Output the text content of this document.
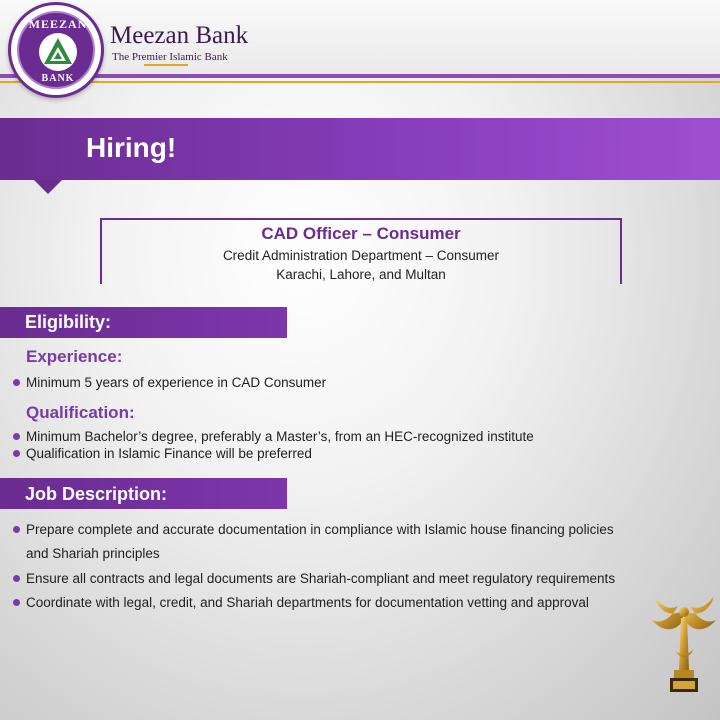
MEEZAN
BANK
Meezan Bank
The Premier Islamic Bank
Hiring!
CAD Officer – Consumer
Credit Administration Department – Consumer
Karachi, Lahore, and Multan
Eligibility:
Experience:
Minimum 5 years of experience in CAD Consumer
Qualification:
Minimum Bachelor’s degree, preferably a Master’s, from an HEC-recognized institute
Qualification in Islamic Finance will be preferred
Job Description:
Prepare complete and accurate documentation in compliance with Islamic house financing policies
and Shariah principles
Ensure all contracts and legal documents are Shariah-compliant and meet regulatory requirements
Coordinate with legal, credit, and Shariah departments for documentation vetting and approval
